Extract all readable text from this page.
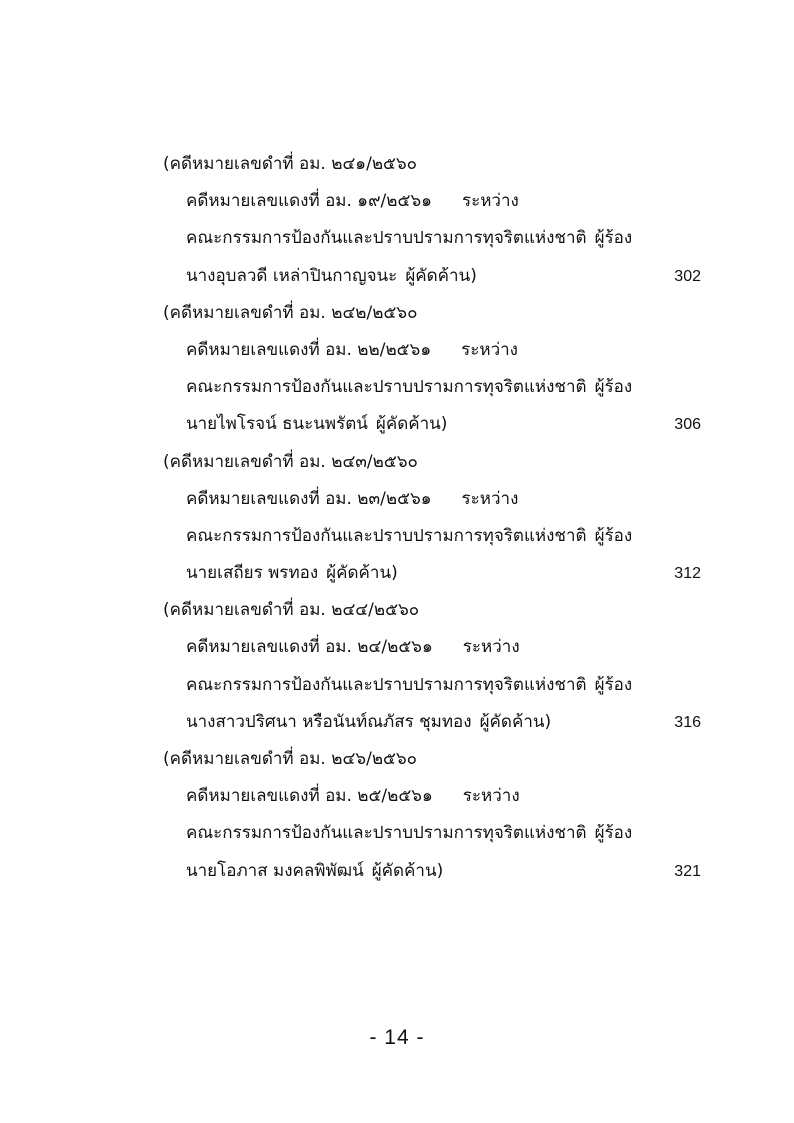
(คดีหมายเลขดำที่ อม. ๒๔๑/๒๕๖๐
คดีหมายเลขแดงที่ อม. ๑๙/๒๕๖๑ ระหว่าง
คณะกรรมการป้องกันและปราบปรามการทุจริตแห่งชาติ ผู้ร้อง
นางอุบลวดี เหล่าปินกาญจนะ ผู้คัดค้าน)	302
(คดีหมายเลขดำที่ อม. ๒๔๒/๒๕๖๐
คดีหมายเลขแดงที่ อม. ๒๒/๒๕๖๑ ระหว่าง
คณะกรรมการป้องกันและปราบปรามการทุจริตแห่งชาติ ผู้ร้อง
นายไพโรจน์ ธนะนพรัตน์ ผู้คัดค้าน)	306
(คดีหมายเลขดำที่ อม. ๒๔๓/๒๕๖๐
คดีหมายเลขแดงที่ อม. ๒๓/๒๕๖๑ ระหว่าง
คณะกรรมการป้องกันและปราบปรามการทุจริตแห่งชาติ ผู้ร้อง
นายเสถียร พรทอง ผู้คัดค้าน)	312
(คดีหมายเลขดำที่ อม. ๒๔๔/๒๕๖๐
คดีหมายเลขแดงที่ อม. ๒๔/๒๕๖๑ ระหว่าง
คณะกรรมการป้องกันและปราบปรามการทุจริตแห่งชาติ ผู้ร้อง
นางสาวปริศนา หรือนันท์ณภัสร ชุมทอง ผู้คัดค้าน)	316
(คดีหมายเลขดำที่ อม. ๒๔๖/๒๕๖๐
คดีหมายเลขแดงที่ อม. ๒๕/๒๕๖๑ ระหว่าง
คณะกรรมการป้องกันและปราบปรามการทุจริตแห่งชาติ ผู้ร้อง
นายโอภาส มงคลพิพัฒน์ ผู้คัดค้าน)	321
- 14 -
